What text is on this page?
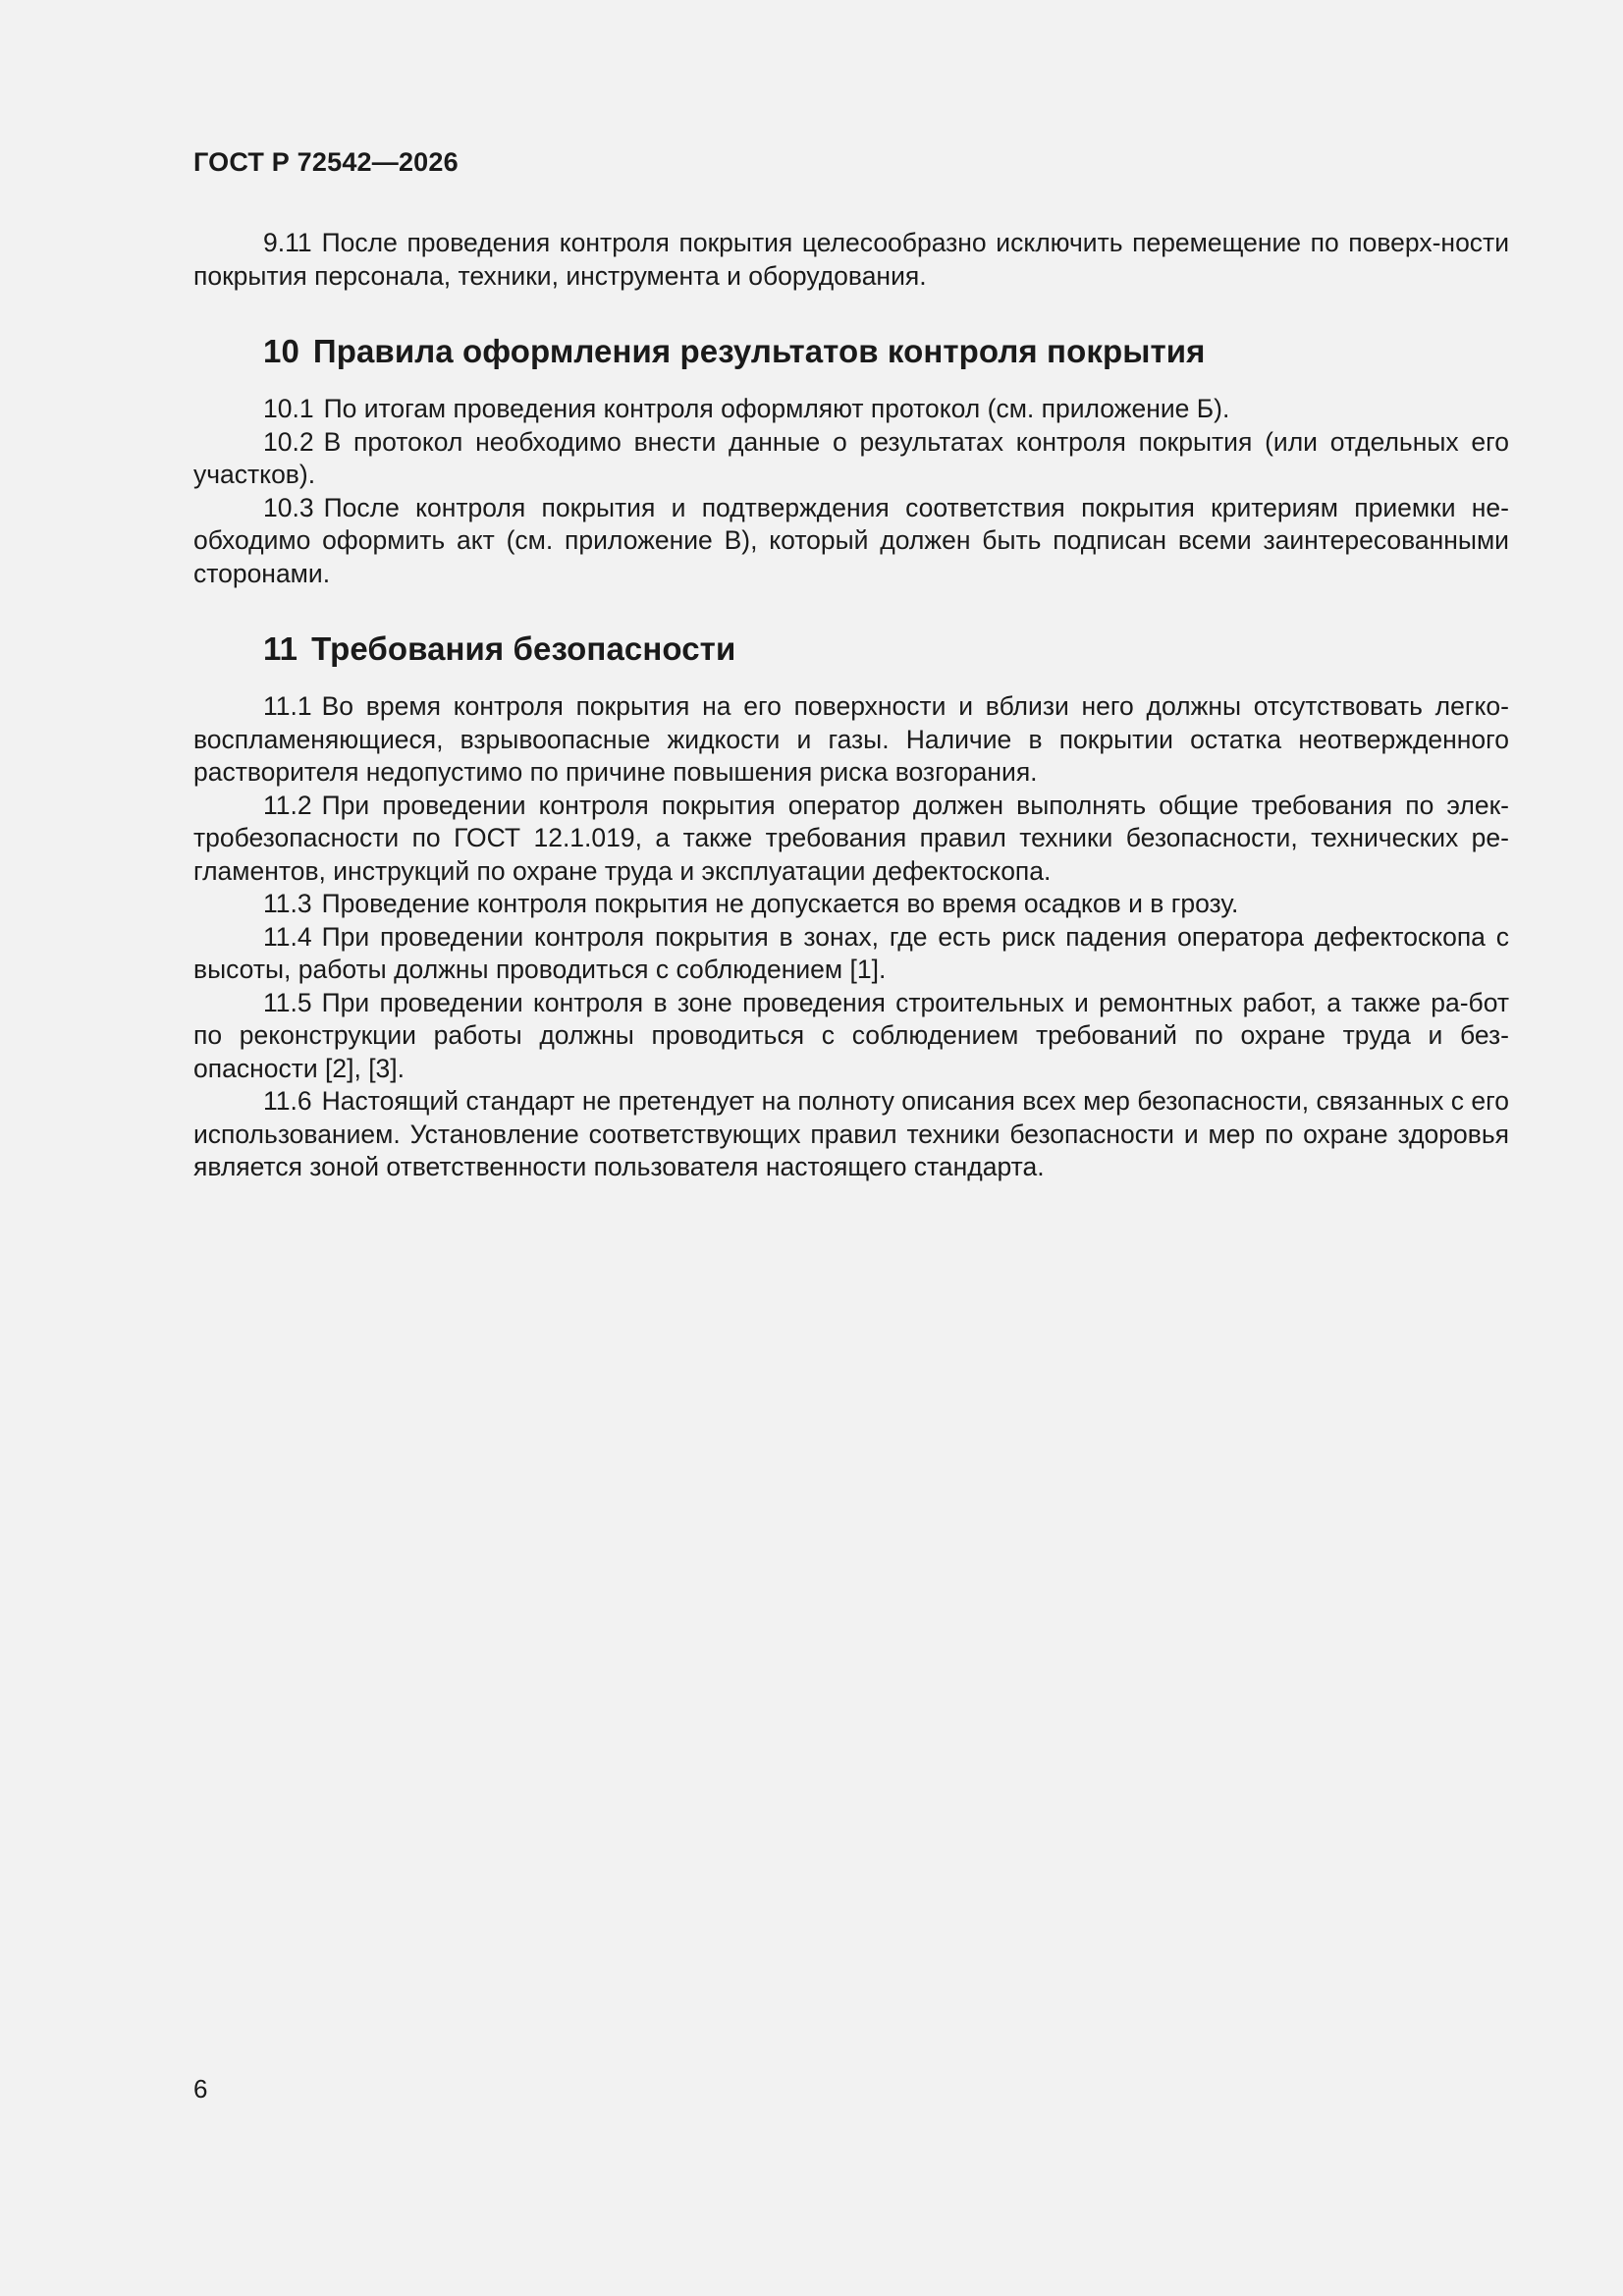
ГОСТ Р 72542—2026

9.11 После проведения контроля покрытия целесообразно исключить перемещение по поверх-ности покрытия персонала, техники, инструмента и оборудования.

10 Правила оформления результатов контроля покрытия

10.1 По итогам проведения контроля оформляют протокол (см. приложение Б).

10.2 В протокол необходимо внести данные о результатах контроля покрытия (или отдельных его участков).

10.3 После контроля покрытия и подтверждения соответствия покрытия критериям приемки не-обходимо оформить акт (см. приложение В), который должен быть подписан всеми заинтересованными сторонами.

11 Требования безопасности

11.1 Во время контроля покрытия на его поверхности и вблизи него должны отсутствовать легко-воспламеняющиеся, взрывоопасные жидкости и газы. Наличие в покрытии остатка неотвержденного растворителя недопустимо по причине повышения риска возгорания.

11.2 При проведении контроля покрытия оператор должен выполнять общие требования по элек-тробезопасности по ГОСТ 12.1.019, а также требования правил техники безопасности, технических ре-гламентов, инструкций по охране труда и эксплуатации дефектоскопа.

11.3 Проведение контроля покрытия не допускается во время осадков и в грозу.

11.4 При проведении контроля покрытия в зонах, где есть риск падения оператора дефектоскопа с высоты, работы должны проводиться с соблюдением [1].

11.5 При проведении контроля в зоне проведения строительных и ремонтных работ, а также ра-бот по реконструкции работы должны проводиться с соблюдением требований по охране труда и без-опасности [2], [3].

11.6 Настоящий стандарт не претендует на полноту описания всех мер безопасности, связанных с его использованием. Установление соответствующих правил техники безопасности и мер по охране здоровья является зоной ответственности пользователя настоящего стандарта.

6
